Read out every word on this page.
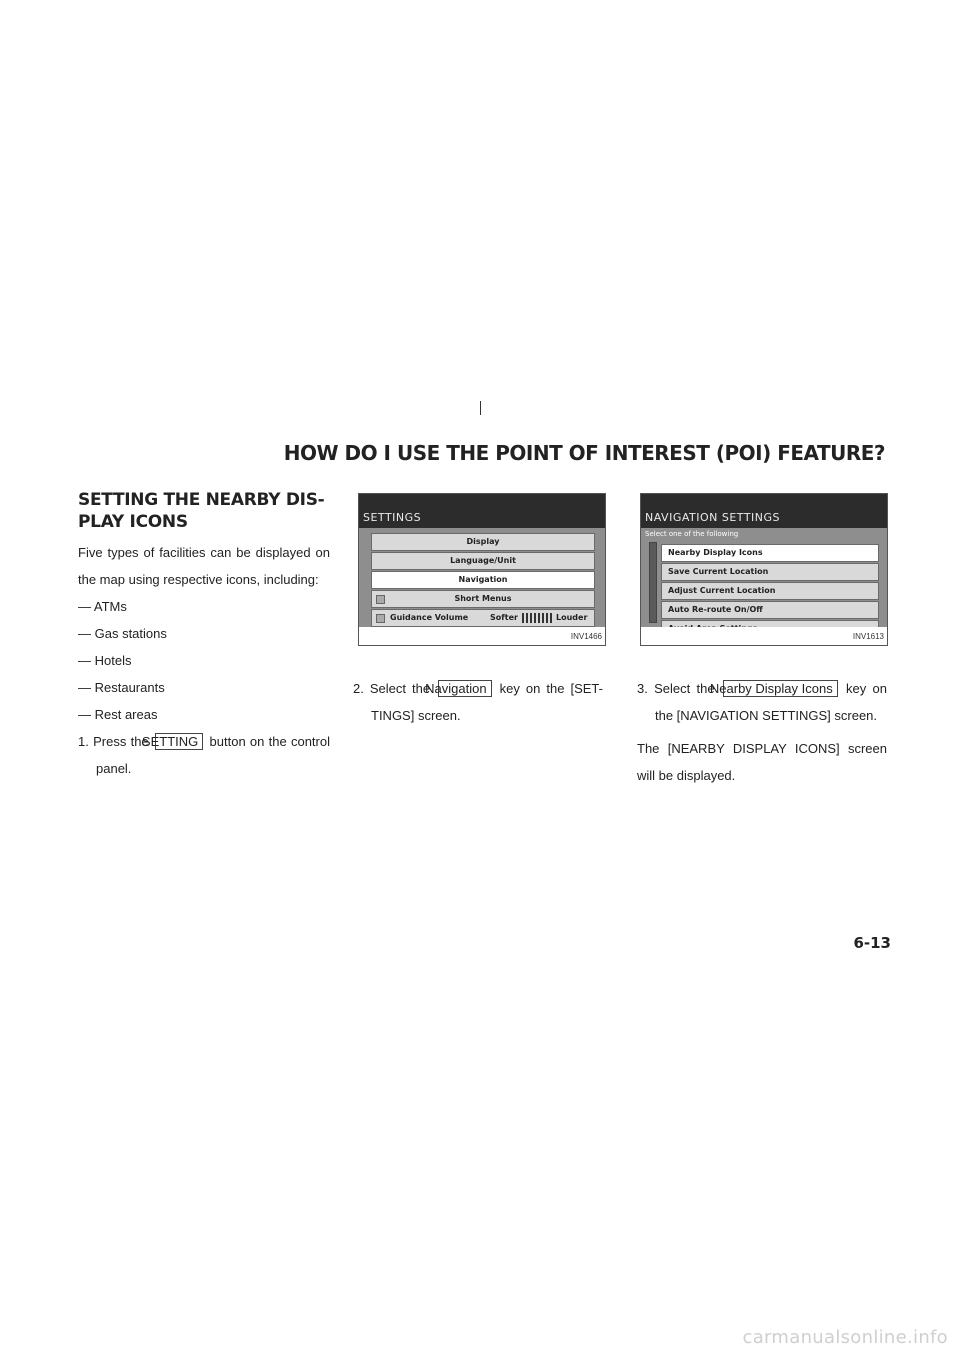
HOW DO I USE THE POINT OF INTEREST (POI) FEATURE?
SETTING THE NEARBY DIS-
PLAY ICONS

Five types of facilities can be displayed on the map using respective icons, including:

— ATMs

— Gas stations

— Hotels

— Restaurants

— Rest areas

1. Press the SETTING button on the control panel.

SETTINGS
Display
Language/Unit
Navigation
Short Menus
Guidance Volume	Softer	Louder
INV1466
NAVIGATION SETTINGS
Select one of the following
Nearby Display Icons
Save Current Location
Adjust Current Location
Auto Re-route On/Off
INV1613

2. Select the Navigation key on the [SET-TINGS] screen.

3. Select the Nearby Display Icons key on the [NAVIGATION SETTINGS] screen.

The [NEARBY DISPLAY ICONS] screen will be displayed.

6-13
carmanualsonline.info
